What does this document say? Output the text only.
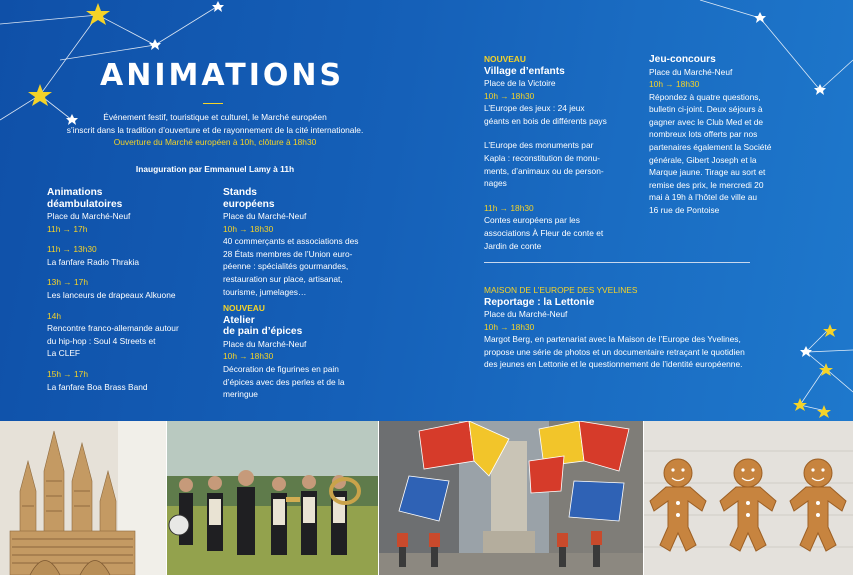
ANIMATIONS
Événement festif, touristique et culturel, le Marché européen
s’inscrit dans la tradition d’ouverture et de rayonnement de la cité internationale.
Ouverture du Marché européen à 10h, clôture à 18h30
Inauguration par Emmanuel Lamy à 11h
Animations
déambulatoires
Place du Marché-Neuf
11h → 17h
11h → 13h30
La fanfare Radio Thrakia
13h → 17h
Les lanceurs de drapeaux Alkuone
14h
Rencontre franco-allemande autour
du hip-hop : Soul 4 Streets et
La CLEF
15h → 17h
La fanfare Boa Brass Band
Stands
européens
Place du Marché-Neuf
10h → 18h30
40 commerçants et associations des
28 États membres de l’Union euro-
péenne : spécialités gourmandes,
restauration sur place, artisanat,
tourisme, jumelages…
NOUVEAU
Atelier
de pain d’épices
Place du Marché-Neuf
10h → 18h30
Décoration de figurines en pain
d’épices avec des perles et de la
meringue
NOUVEAU
Village d’enfants
Place de la Victoire
10h → 18h30
L’Europe des jeux : 24 jeux
géants en bois de différents pays
L’Europe des monuments par
Kapla : reconstitution de monu-
ments, d’animaux ou de person-
nages
11h → 18h30
Contes européens par les
associations À Fleur de conte et
Jardin de conte
Jeu-concours
Place du Marché-Neuf
10h → 18h30
Répondez à quatre questions,
bulletin ci-joint. Deux séjours à
gagner avec le Club Med et de
nombreux lots offerts par nos
partenaires également la Société
générale, Gibert Joseph et la
Marque jaune. Tirage au sort et
remise des prix, le mercredi 20
mai à 19h à l’hôtel de ville au
16 rue de Pontoise
MAISON DE L’EUROPE DES YVELINES
Reportage : la Lettonie
Place du Marché-Neuf
10h → 18h30
Margot Berg, en partenariat avec la Maison de l’Europe des Yvelines,
propose une série de photos et un documentaire retraçant le quotidien
des jeunes en Lettonie et le questionnement de l’identité européenne.
